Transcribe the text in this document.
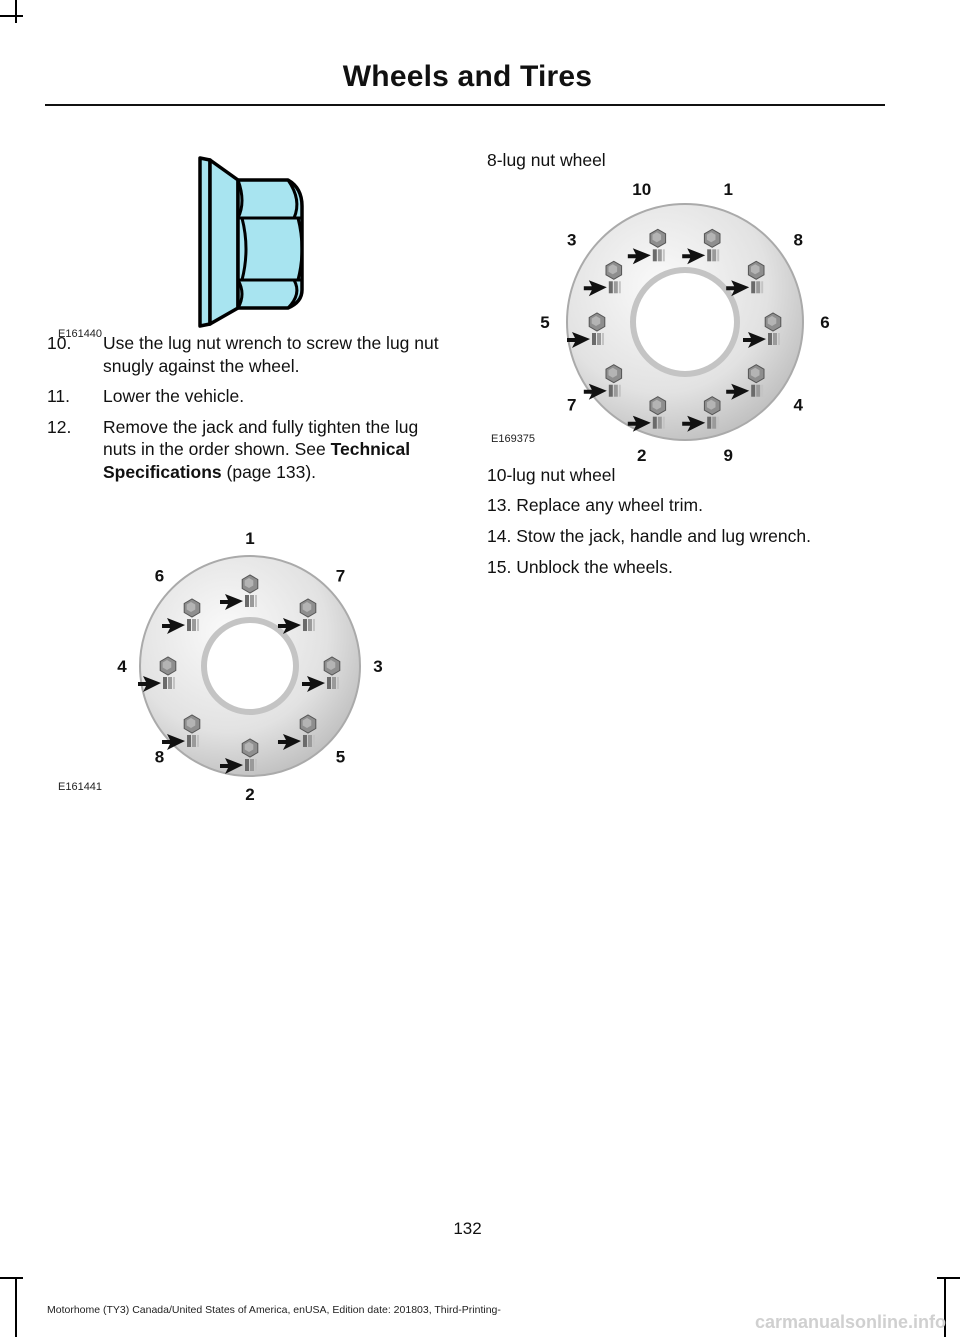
Wheels and Tires
E161440
10. Use the lug nut wrench to screw the lug nut snugly against the wheel.
11. Lower the vehicle.
12. Remove the jack and fully tighten the lug nuts in the order shown. See Technical Specifications (page 133).
1
7
3
5
2
8
4
6
E161441
8-lug nut wheel
1
8
6
4
9
2
7
5
3
10
E169375
10-lug nut wheel
13. Replace any wheel trim.
14. Stow the jack, handle and lug wrench.
15. Unblock the wheels.
132
Motorhome (TY3) Canada/United States of America, enUSA, Edition date: 201803, Third-Printing-
carmanualsonline.info
